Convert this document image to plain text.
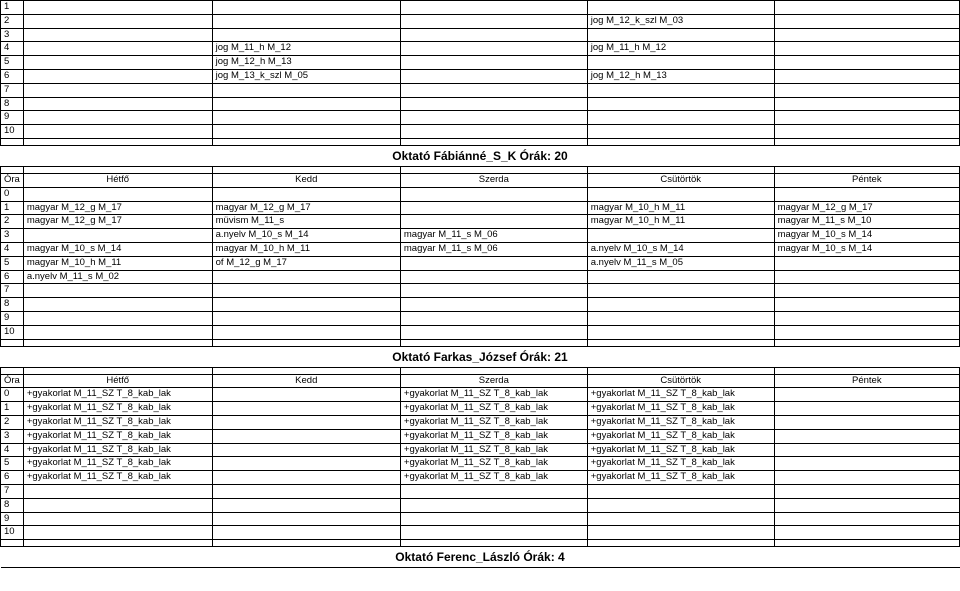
1					
2				jog M_12_k_szl M_03	
3					
4		jog M_11_h M_12		jog M_11_h M_12	
5		jog M_12_h M_13			
6		jog M_13_k_szl M_05		jog M_12_h M_13	
7					
8					
9					
10					

Oktató Fábiánné_S_K Órák: 20					

Óra	Hétfő	Kedd	Szerda	Csütörtök	Péntek
0					
1	magyar M_12_g M_17	magyar M_12_g M_17		magyar M_10_h M_11	magyar M_12_g M_17
2	magyar M_12_g M_17	müvism M_11_s		magyar M_10_h M_11	magyar M_11_s M_10
3		a.nyelv M_10_s M_14	magyar M_11_s M_06		magyar M_10_s M_14
4	magyar M_10_s M_14	magyar M_10_h M_11	magyar M_11_s M_06	a.nyelv M_10_s M_14	magyar M_10_s M_14
5	magyar M_10_h M_11	of M_12_g M_17		a.nyelv M_11_s M_05	
6	a.nyelv M_11_s M_02				
7					
8					
9					
10					

Oktató Farkas_József Órák: 21					

Óra	Hétfő	Kedd	Szerda	Csütörtök	Péntek
0	+gyakorlat M_11_SZ T_8_kab_lak		+gyakorlat M_11_SZ T_8_kab_lak	+gyakorlat M_11_SZ T_8_kab_lak	
1	+gyakorlat M_11_SZ T_8_kab_lak		+gyakorlat M_11_SZ T_8_kab_lak	+gyakorlat M_11_SZ T_8_kab_lak	
2	+gyakorlat M_11_SZ T_8_kab_lak		+gyakorlat M_11_SZ T_8_kab_lak	+gyakorlat M_11_SZ T_8_kab_lak	
3	+gyakorlat M_11_SZ T_8_kab_lak		+gyakorlat M_11_SZ T_8_kab_lak	+gyakorlat M_11_SZ T_8_kab_lak	
4	+gyakorlat M_11_SZ T_8_kab_lak		+gyakorlat M_11_SZ T_8_kab_lak	+gyakorlat M_11_SZ T_8_kab_lak	
5	+gyakorlat M_11_SZ T_8_kab_lak		+gyakorlat M_11_SZ T_8_kab_lak	+gyakorlat M_11_SZ T_8_kab_lak	
6	+gyakorlat M_11_SZ T_8_kab_lak		+gyakorlat M_11_SZ T_8_kab_lak	+gyakorlat M_11_SZ T_8_kab_lak	
7					
8					
9					
10					

Oktató Ferenc_László Órák: 4					
